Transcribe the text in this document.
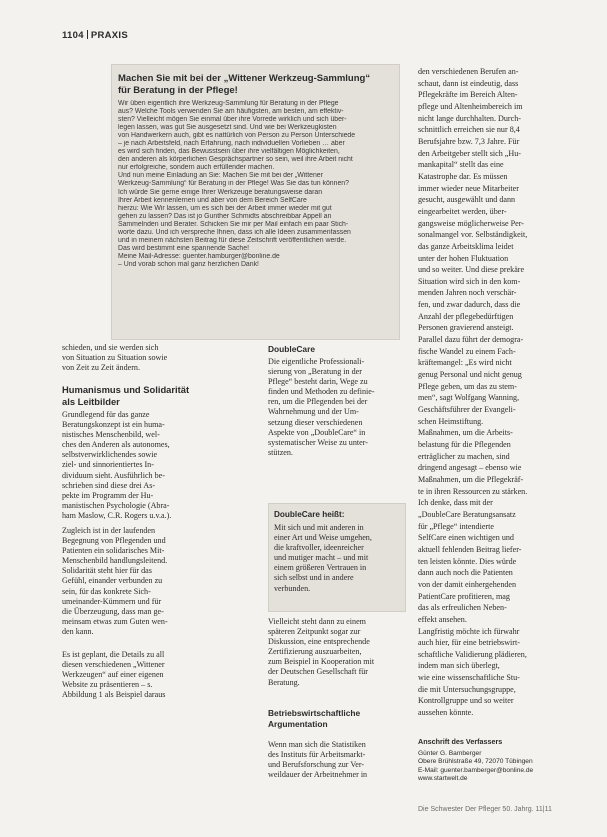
1104 PRAXIS
Machen Sie mit bei der „Wittener Werkzeug-Sammlung“
für Beratung in der Pflege!

Wir üben eigentlich ihre Werkzeug-Sammlung für Beratung in der Pflege

aus? Welche Tools verwenden Sie am häufigsten, am besten, am effektiv-

sten? Vielleicht mögen Sie einmal über ihre Vorrede wirklich und sich über-

legen lassen, was gut Sie ausgesetzt sind. Und wie bei Werkzeugkisten

von Handwerkern auch, gibt es nattürlich von Person zu Person Unterschiede

– je nach Arbeitsfeld, nach Erfahrung, nach individuellen Vorlieben … aber

es wird sich finden, das Bewusstsein über ihre vielfältigen Möglichkeiten,

den anderen als körperlichen Gesprächspartner so sein, weil ihre Arbeit nicht

nur erfolgreiche, sondern auch erfüllender machen.

Und nun meine Einladung an Sie: Machen Sie mit bei der „Wittener

Werkzeug-Sammlung“ für Beratung in der Pflege! Was Sie das tun können?

Ich würde Sie gerne einige Ihrer Werkzeuge beratungsweise daran

Ihrer Arbeit kennenlernen und aber von dem Bereich SelfCare

hierzu: Wie Wir lassen, um es sich bei der Arbeit immer wieder mit gut

gehen zu lassen? Das ist jo Gunther Schmidts abschreibbar Appell an

Sammelnden und Berater. Schicken Sie mir per Mail einfach ein paar Stich-

worte dazu. Und ich verspreche Ihnen, dass ich alle Ideen zusammenfassen

und in meinem nächsten Beitrag für diese Zeitschrift veröffentlichen werde.

Das wird bestimmt eine spannende Sache!

Meine Mail-Adresse: guenter.hamburger@bonline.de

– Und vorab schon mal ganz herzlichen Dank!

schieden, und sie werden sich

von Situation zu Situation sowie

von Zeit zu Zeit ändern.

Humanismus und Solidarität

als Leitbilder

Grundlegend für das ganze

Beratungskonzept ist ein huma-

nistisches Menschenbild, wel-

ches den Anderen als autonomes,

selbstverwirklichendes sowie

ziel- und sinnorientiertes In-

dividuum sieht. Ausführlich be-

schrieben sind diese drei As-

pekte im Programm der Hu-

manistischen Psychologie (Abra-

ham Maslow, C.R. Rogers u.v.a.).

Zugleich ist in der laufenden

Begegnung von Pflegenden und

Patienten ein solidarisches Mit-

Menschenbild handlungsleitend.

Solidarität steht hier für das

Gefühl, einander verbunden zu

sein, für das konkrete Sich-

umeinander-Kümmern und für

die Überzeugung, dass man ge-

meinsam etwas zum Guten wen-

den kann.

Es ist geplant, die Details zu all

diesen verschiedenen „Wittener

Werkzeugen“ auf einer eigenen

Website zu präsentieren – s.

Abbildung 1 als Beispiel daraus

DoubleCare

Die eigentliche Professionali-

sierung von „Beratung in der

Pflege“ besteht darin, Wege zu

finden und Methoden zu definie-

ren, um die Pflegenden bei der

Wahrnehmung und der Um-

setzung dieser verschiedenen

Aspekte von „DoubleCare“ in

systematischer Weise zu unter-

stützen.

DoubleCare heißt:

Mit sich und mit anderen in

einer Art und Weise umgehen,

die kraftvoller, ideenreicher

und mutiger macht – und mit

einem größeren Vertrauen in

sich selbst und in andere

verbunden.

Vielleicht steht dann zu einem

späteren Zeitpunkt sogar zur

Diskussion, eine entsprechende

Zertifizierung auszuarbeiten,

zum Beispiel in Kooperation mit

der Deutschen Gesellschaft für

Beratung.

Betriebswirtschaftliche

Argumentation

Wenn man sich die Statistiken

des Instituts für Arbeitsmarkt-

und Berufsforschung zur Ver-

weildauer der Arbeitnehmer in

den verschiedenen Berufen an-

schaut, dann ist eindeutig, dass

Pflegekräfte im Bereich Alten-

pflege und Altenheimbereich im

nicht lange durchhalten. Durch-

schnittlich erreichen sie nur 8,4

Berufsjahre bzw. 7,3 Jahre. Für

den Arbeitgeber stellt sich „Hu-

mankapital“ stellt das eine

Katastrophe dar. Es müssen

immer wieder neue Mitarbeiter

gesucht, ausgewählt und dann

eingearbeitet werden, über-

gangsweise möglicherweise Per-

sonalmangel vor. Selbständigkeit,

das ganze Arbeitsklima leidet

unter der hohen Fluktuation

und so weiter. Und diese prekäre

Situation wird sich in den kom-

menden Jahren noch verschär-

fen, und zwar dadurch, dass die

Anzahl der pflegebedürftigen

Personen gravierend ansteigt.

Parallel dazu führt der demogra-

fische Wandel zu einem Fach-

kräftemangel: „Es wird nicht

genug Personal und nicht genug

Pflege geben, um das zu stem-

men“, sagt Wolfgang Wanning,

Geschäftsführer der Evangeli-

schen Heimstiftung.

Maßnahmen, um die Arbeits-

belastung für die Pflegenden

erträglicher zu machen, sind

dringend angesagt – ebenso wie

Maßnahmen, um die Pflegekräf-

te in ihren Ressourcen zu stärken.

Ich denke, dass mit der

„DoubleCare Beratungsansatz

für „Pflege“ intendierte

SelfCare einen wichtigen und

aktuell fehlenden Beitrag liefer-

ten leisten könnte. Dies würde

dann auch noch die Patienten

von der damit einhergehenden

PatientCare profitieren, mag

das als erfreulichen Neben-

effekt ansehen.

Langfristig möchte ich fürwahr

auch hier, für eine betriebswirt-

schaftliche Validierung plädieren,

indem man sich überlegt,

wie eine wissenschaftliche Stu-

die mit Untersuchungsgruppe,

Kontrollgruppe und so weiter

aussehen könnte.

Anschrift des Verfassers

Günter G. Bamberger

Obere Brühlstraße 49, 72070 Tübingen

E-Mail: guenter.bamberger@bonline.de

www.startwelt.de

Die Schwester Der Pfleger 50. Jahrg. 11|11
